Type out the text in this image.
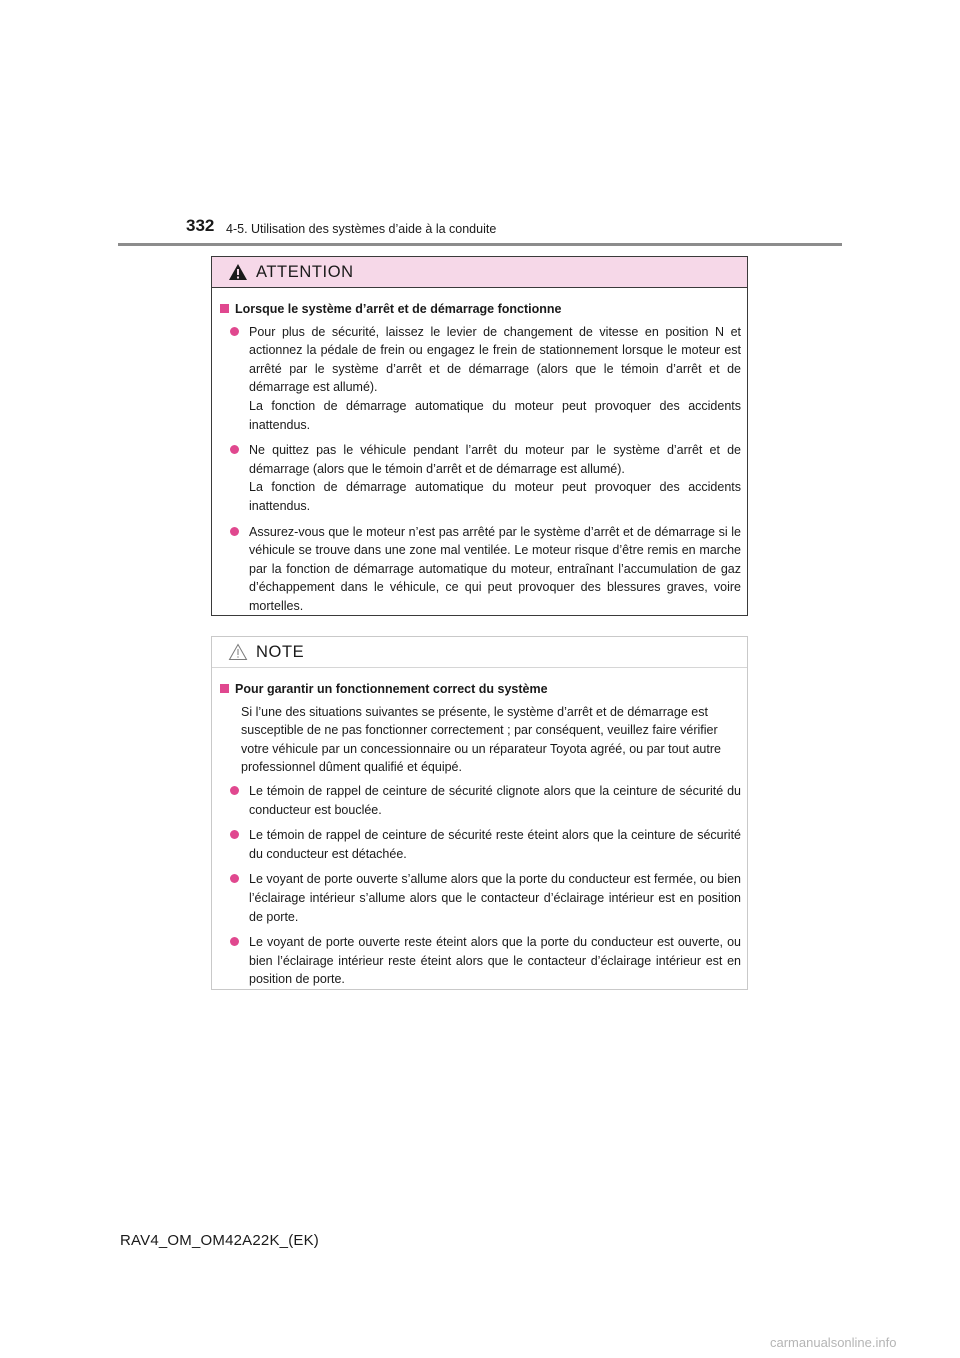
332 4-5. Utilisation des systèmes d’aide à la conduite
ATTENTION
Lorsque le système d’arrêt et de démarrage fonctionne
Pour plus de sécurité, laissez le levier de changement de vitesse en position N et actionnez la pédale de frein ou engagez le frein de stationnement lorsque le moteur est arrêté par le système d’arrêt et de démarrage (alors que le témoin d’arrêt et de démarrage est allumé).
La fonction de démarrage automatique du moteur peut provoquer des accidents inattendus.
Ne quittez pas le véhicule pendant l’arrêt du moteur par le système d’arrêt et de démarrage (alors que le témoin d’arrêt et de démarrage est allumé).
La fonction de démarrage automatique du moteur peut provoquer des accidents inattendus.
Assurez-vous que le moteur n’est pas arrêté par le système d’arrêt et de démarrage si le véhicule se trouve dans une zone mal ventilée. Le moteur risque d’être remis en marche par la fonction de démarrage automatique du moteur, entraînant l’accumulation de gaz d’échappement dans le véhicule, ce qui peut provoquer des blessures graves, voire mortelles.
NOTE
Pour garantir un fonctionnement correct du système
Si l’une des situations suivantes se présente, le système d’arrêt et de démarrage est susceptible de ne pas fonctionner correctement ; par conséquent, veuillez faire vérifier votre véhicule par un concessionnaire ou un réparateur Toyota agréé, ou par tout autre professionnel dûment qualifié et équipé.
Le témoin de rappel de ceinture de sécurité clignote alors que la ceinture de sécurité du conducteur est bouclée.
Le témoin de rappel de ceinture de sécurité reste éteint alors que la ceinture de sécurité du conducteur est détachée.
Le voyant de porte ouverte s’allume alors que la porte du conducteur est fermée, ou bien l’éclairage intérieur s’allume alors que le contacteur d’éclairage intérieur est en position de porte.
Le voyant de porte ouverte reste éteint alors que la porte du conducteur est ouverte, ou bien l’éclairage intérieur reste éteint alors que le contacteur d’éclairage intérieur est en position de porte.
RAV4_OM_OM42A22K_(EK)
carmanualsonline.info
